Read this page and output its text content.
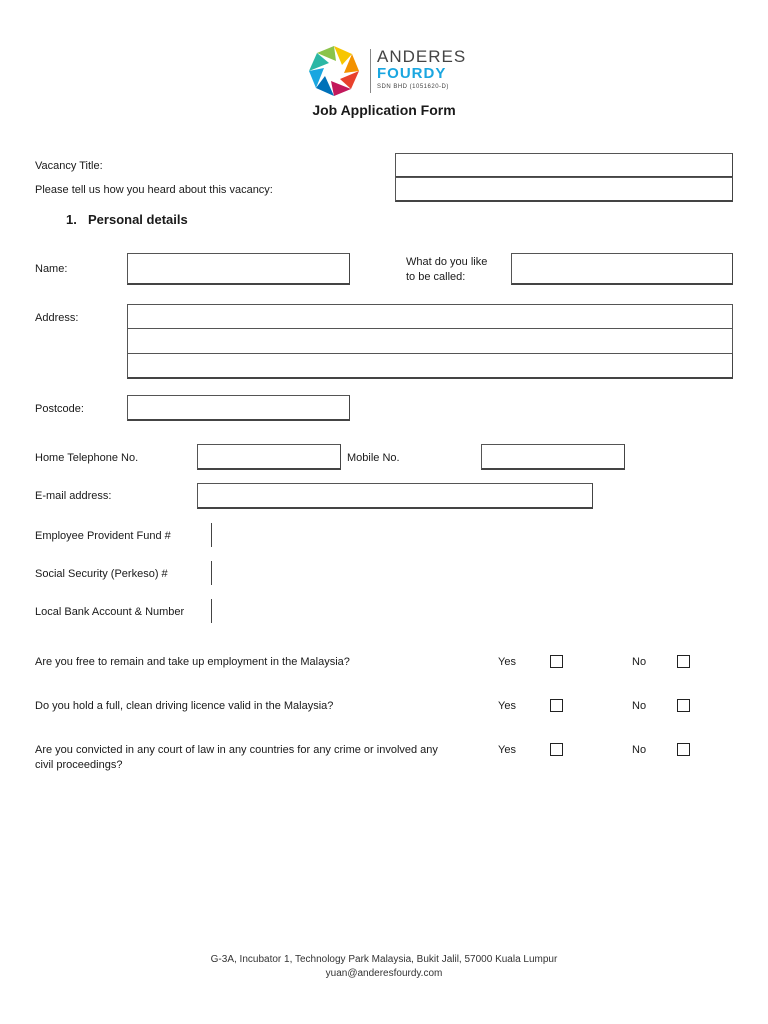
ANDERES
FOURDY
SDN BHD (1051620-D)
Job Application Form
Vacancy Title:
Please tell us how you heard about this vacancy:
1. Personal details
Name:
What do you like
to be called:
Address:
Postcode:
Home Telephone No.	Mobile No.
E-mail address:
Employee Provident Fund #
Social Security (Perkeso) #
Local Bank Account & Number
Are you free to remain and take up employment in the Malaysia?	Yes	No
Do you hold a full, clean driving licence valid in the Malaysia?	Yes	No
Are you convicted in any court of law in any countries for any crime or involved any
civil proceedings?
Yes	No
G-3A, Incubator 1, Technology Park Malaysia, Bukit Jalil, 57000 Kuala Lumpur
yuan@anderesfourdy.com
